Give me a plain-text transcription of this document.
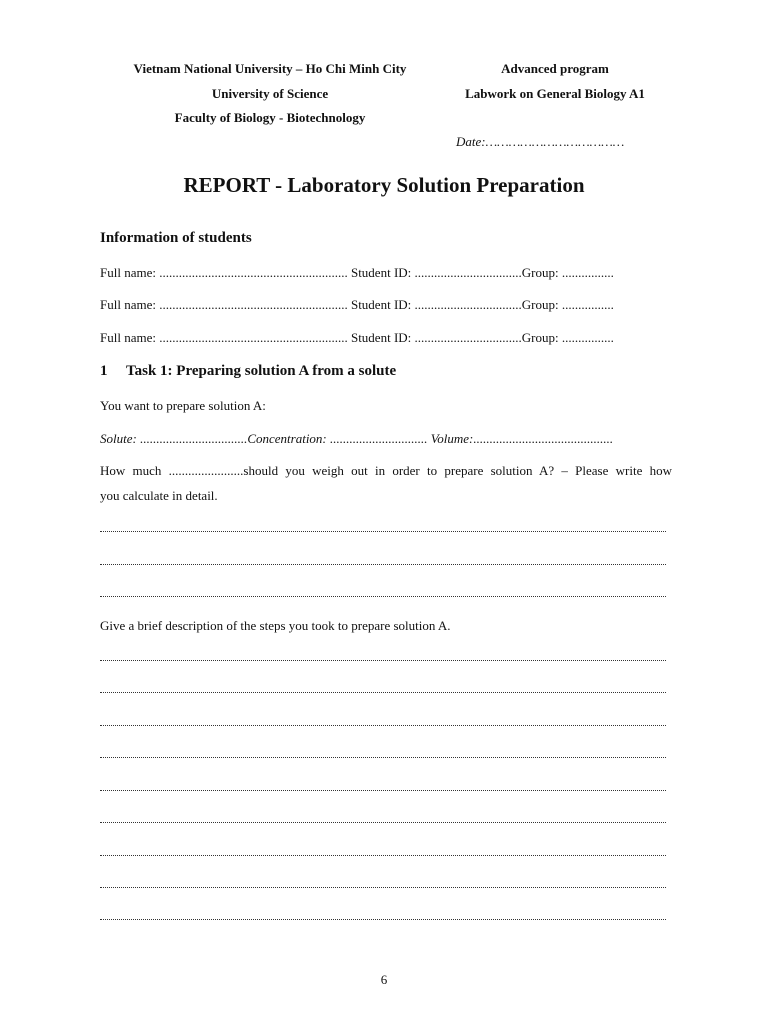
Vietnam National University – Ho Chi Minh City
University of Science
Faculty of Biology - Biotechnology
Advanced program
Labwork on General Biology A1
Date:………………………………
REPORT - Laboratory Solution Preparation
Information of students
Full name: .......................................................... Student ID: .................................Group: ................
Full name: .......................................................... Student ID: .................................Group: ................
Full name: .......................................................... Student ID: .................................Group: ................
1 Task 1: Preparing solution A from a solute
You want to prepare solution A:
Solute: .................................Concentration: .............................. Volume:...........................................
How much .......................should you weigh out in order to prepare solution A? – Please write how
you calculate in detail.
Give a brief description of the steps you took to prepare solution A.
6
